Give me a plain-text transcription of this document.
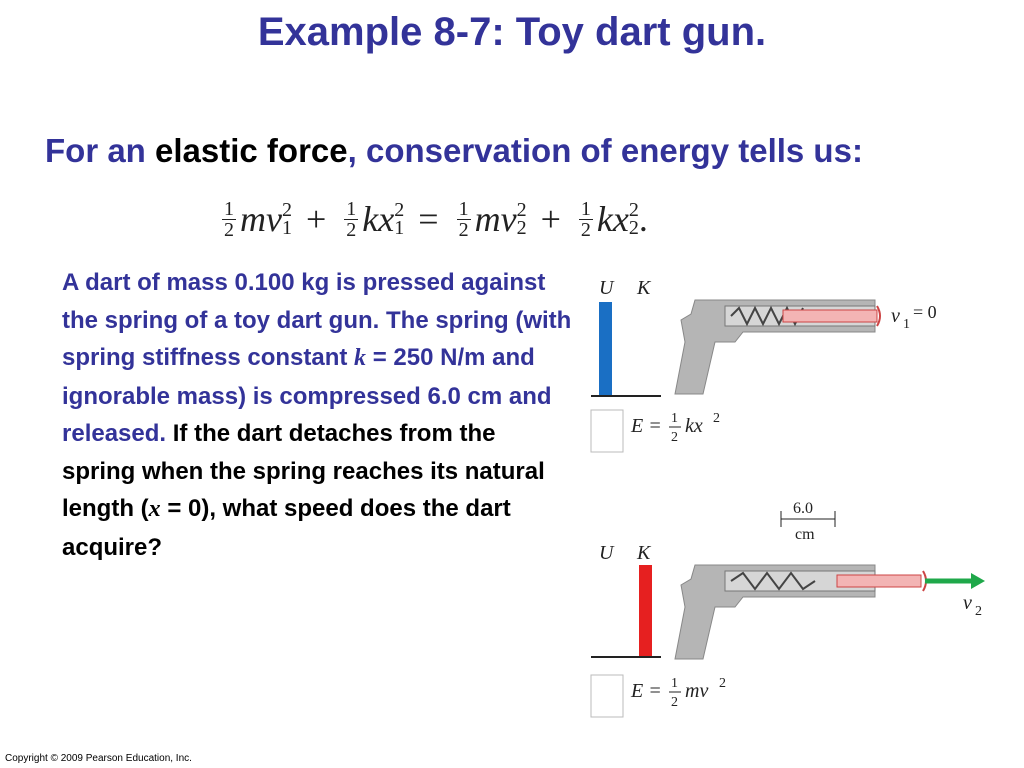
Example 8-7: Toy dart gun.

For an elastic force, conservation of energy tells us:

$\frac{1}{2}$ mv 2
$1 + \frac{1}{2}$ kx 2
$1 = \frac{1}{2}$ mv 2
$2 + \frac{1}{2}$ kx 2
2 .

A dart of mass 0.100 kg is pressed against the spring of a toy dart gun. The spring (with spring stiffness constant k = 250 N/m and ignorable mass) is compressed 6.0 cm and released. If the dart detaches from the spring when the spring reaches its natural length (x = 0), what speed does the dart acquire?

U K
E = 1
2
kx 2
v 1
= 0
6.0
cm
U K
E = 1
2
mv 2
v 2
Copyright © 2009 Pearson Education, Inc.
